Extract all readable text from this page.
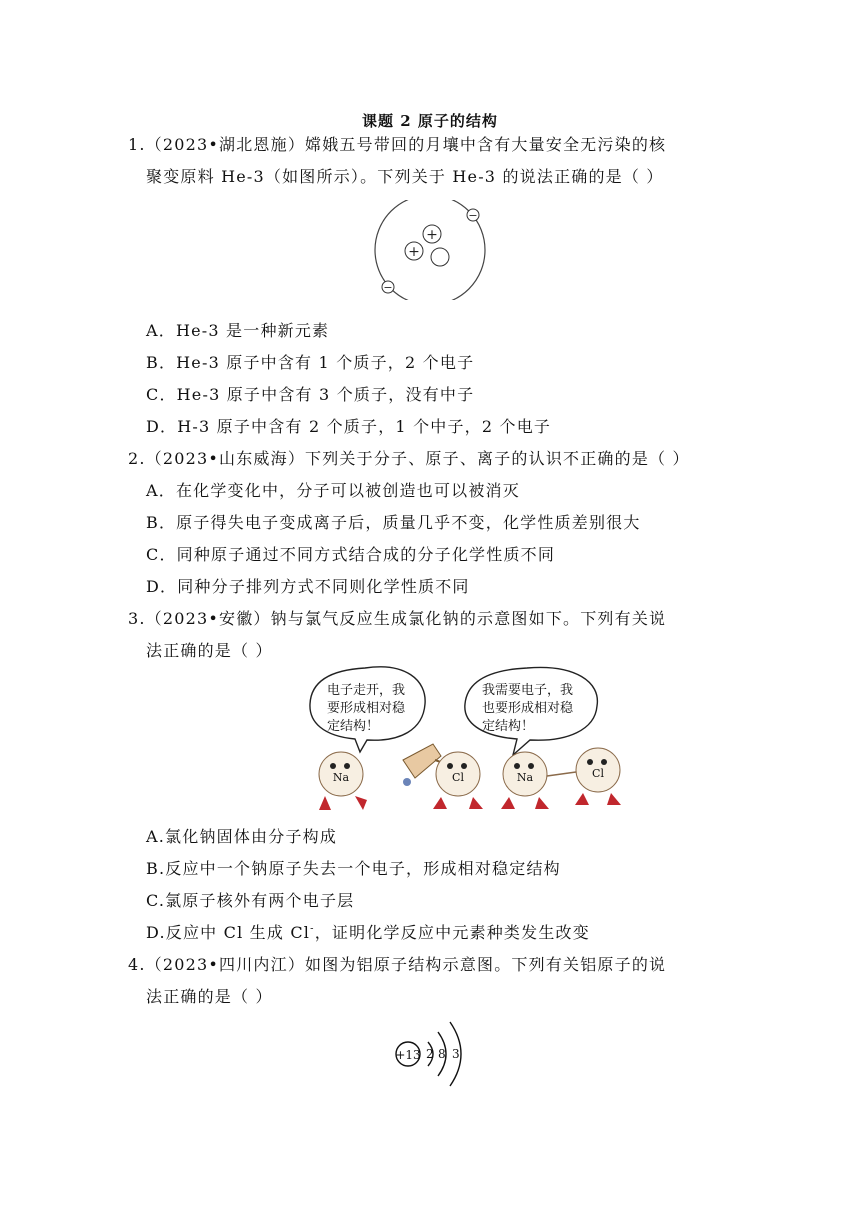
课题 2 原子的结构
1.（2023•湖北恩施）嫦娥五号带回的月壤中含有大量安全无污染的核
聚变原料 He-3（如图所示）。下列关于 He-3 的说法正确的是（ ）
+
+
−
−
A．He-3 是一种新元素
B．He-3 原子中含有 1 个质子，2 个电子
C．He-3 原子中含有 3 个质子，没有中子
D．H-3 原子中含有 2 个质子，1 个中子，2 个电子
2.（2023•山东威海）下列关于分子、原子、离子的认识不正确的是（ ）
A．在化学变化中，分子可以被创造也可以被消灭
B．原子得失电子变成离子后，质量几乎不变，化学性质差别很大
C．同种原子通过不同方式结合成的分子化学性质不同
D．同种分子排列方式不同则化学性质不同
3.（2023•安徽）钠与氯气反应生成氯化钠的示意图如下。下列有关说
法正确的是（ ）
电子走开，我
要形成相对稳
定结构！
我需要电子，我
也要形成相对稳
定结构！
Na	Cl	Na	Cl
A.氯化钠固体由分子构成
B.反应中一个钠原子失去一个电子，形成相对稳定结构
C.氯原子核外有两个电子层
D.反应中 Cl 生成 Cl-，证明化学反应中元素种类发生改变
4.（2023•四川内江）如图为铝原子结构示意图。下列有关铝原子的说
法正确的是（ ）
+13 2 8 3
